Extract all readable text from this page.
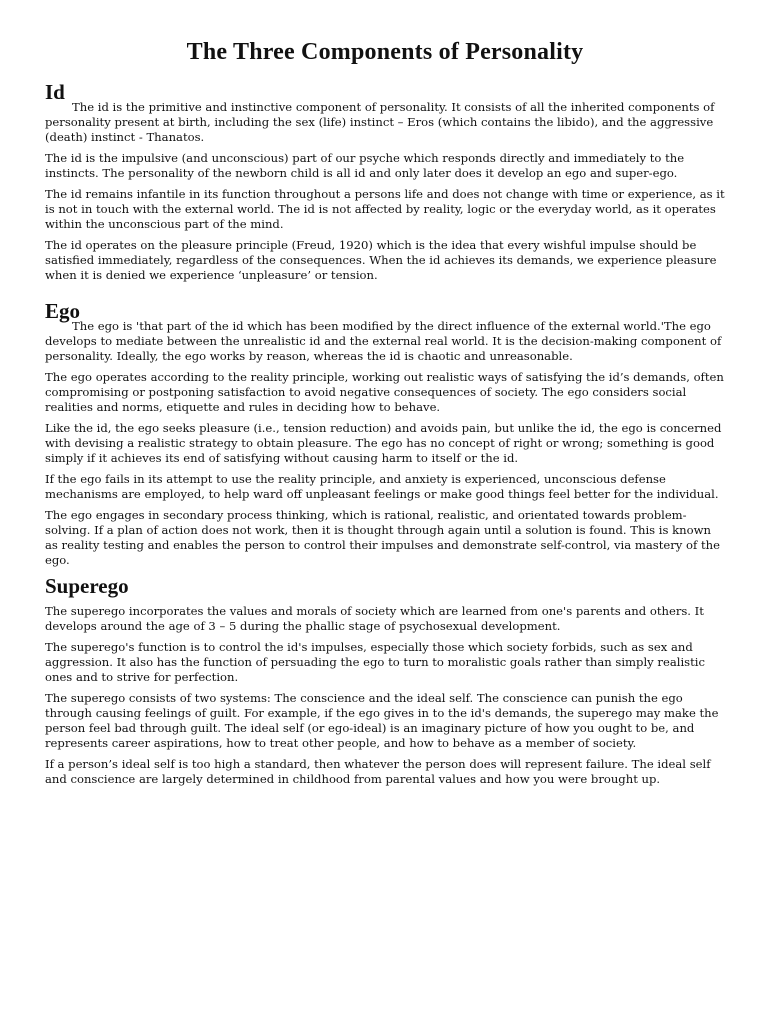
The Three Components of Personality
Id

The id is the primitive and instinctive component of personality. It consists of all the inherited components of personality present at birth, including the sex (life) instinct – Eros (which contains the libido), and the aggressive (death) instinct - Thanatos.

The id is the impulsive (and unconscious) part of our psyche which responds directly and immediately to the instincts. The personality of the newborn child is all id and only later does it develop an ego and super-ego.

The id remains infantile in its function throughout a persons life and does not change with time or experience, as it is not in touch with the external world. The id is not affected by reality, logic or the everyday world, as it operates within the unconscious part of the mind.

The id operates on the pleasure principle (Freud, 1920) which is the idea that every wishful impulse should be satisfied immediately, regardless of the consequences. When the id achieves its demands, we experience pleasure when it is denied we experience ‘unpleasure’ or tension.

Ego

The ego is 'that part of the id which has been modified by the direct influence of the external world.'The ego develops to mediate between the unrealistic id and the external real world. It is the decision-making component of personality. Ideally, the ego works by reason, whereas the id is chaotic and unreasonable.

The ego operates according to the reality principle, working out realistic ways of satisfying the id’s demands, often compromising or postponing satisfaction to avoid negative consequences of society. The ego considers social realities and norms, etiquette and rules in deciding how to behave.

Like the id, the ego seeks pleasure (i.e., tension reduction) and avoids pain, but unlike the id, the ego is concerned with devising a realistic strategy to obtain pleasure. The ego has no concept of right or wrong; something is good simply if it achieves its end of satisfying without causing harm to itself or the id.

If the ego fails in its attempt to use the reality principle, and anxiety is experienced, unconscious defense mechanisms are employed, to help ward off unpleasant feelings or make good things feel better for the individual.

The ego engages in secondary process thinking, which is rational, realistic, and orientated towards problem-solving. If a plan of action does not work, then it is thought through again until a solution is found. This is known as reality testing and enables the person to control their impulses and demonstrate self-control, via mastery of the ego.

Superego

The superego incorporates the values and morals of society which are learned from one's parents and others. It develops around the age of 3 – 5 during the phallic stage of psychosexual development.

The superego's function is to control the id's impulses, especially those which society forbids, such as sex and aggression. It also has the function of persuading the ego to turn to moralistic goals rather than simply realistic ones and to strive for perfection.

The superego consists of two systems: The conscience and the ideal self. The conscience can punish the ego through causing feelings of guilt. For example, if the ego gives in to the id's demands, the superego may make the person feel bad through guilt. The ideal self (or ego-ideal) is an imaginary picture of how you ought to be, and represents career aspirations, how to treat other people, and how to behave as a member of society.

If a person’s ideal self is too high a standard, then whatever the person does will represent failure. The ideal self and conscience are largely determined in childhood from parental values and how you were brought up.
